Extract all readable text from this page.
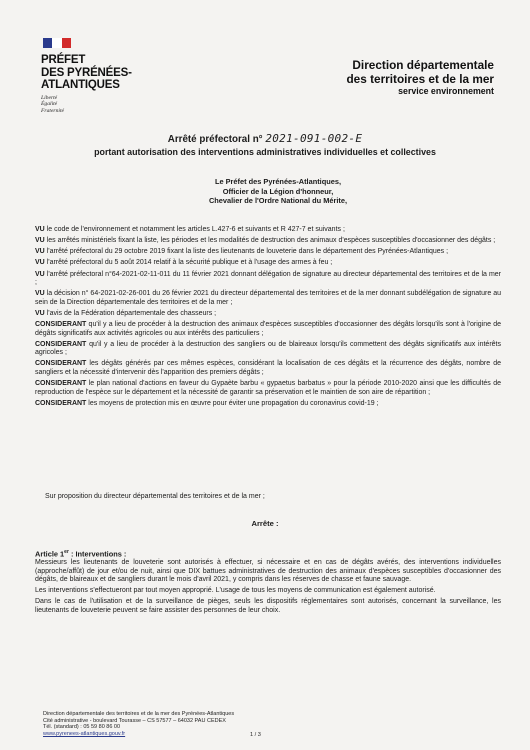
PRÉFET
DES PYRÉNÉES-
ATLANTIQUES
Liberté
Égalité
Fraternité
Direction départementale
des territoires et de la mer
service environnement
Arrêté préfectoral n° 2021-091-002-E
portant autorisation des interventions administratives individuelles et collectives
Le Préfet des Pyrénées-Atlantiques,
Officier de la Légion d'honneur,
Chevalier de l'Ordre National du Mérite,

VU le code de l'environnement et notamment les articles L.427-6 et suivants et R 427-7 et suivants ;

VU les arrêtés ministériels fixant la liste, les périodes et les modalités de destruction des animaux d'espèces susceptibles d'occasionner des dégâts ;

VU l'arrêté préfectoral du 29 octobre 2019 fixant la liste des lieutenants de louveterie dans le département des Pyrénées-Atlantiques ;

VU l'arrêté préfectoral du 5 août 2014 relatif à la sécurité publique et à l'usage des armes à feu ;

VU l'arrêté préfectoral n°64-2021-02-11-011 du 11 février 2021 donnant délégation de signature au directeur départemental des territoires et de la mer ;

VU la décision n° 64-2021-02-26-001 du 26 février 2021 du directeur départemental des territoires et de la mer donnant subdélégation de signature au sein de la Direction départementale des territoires et de la mer ;

VU l'avis de la Fédération départementale des chasseurs ;

CONSIDERANT qu'il y a lieu de procéder à la destruction des animaux d'espèces susceptibles d'occasionner des dégâts lorsqu'ils sont à l'origine de dégâts significatifs aux activités agricoles ou aux intérêts des particuliers ;

CONSIDERANT qu'il y a lieu de procéder à la destruction des sangliers ou de blaireaux lorsqu'ils commettent des dégâts significatifs aux intérêts agricoles ;

CONSIDERANT les dégâts générés par ces mêmes espèces, considérant la localisation de ces dégâts et la récurrence des dégâts, nombre de sangliers et la nécessité d'intervenir dès l'apparition des premiers dégâts ;

CONSIDERANT le plan national d'actions en faveur du Gypaète barbu « gypaetus barbatus » pour la période 2010-2020 ainsi que les difficultés de reproduction de l'espèce sur le département et la nécessité de garantir sa préservation et le maintien de son aire de répartition ;

CONSIDERANT les moyens de protection mis en œuvre pour éviter une propagation du coronavirus covid-19 ;

Sur proposition du directeur départemental des territoires et de la mer ;
Arrête :
Article 1er : Interventions :

Messieurs les lieutenants de louveterie sont autorisés à effectuer, si nécessaire et en cas de dégâts avérés, des interventions individuelles (approche/affût) de jour et/ou de nuit, ainsi que DIX battues administratives de destruction des animaux d'espèces susceptibles d'occasionner des dégâts, de blaireaux et de sangliers durant le mois d'avril 2021, y compris dans les réserves de chasse et faune sauvage.

Les interventions s'effectueront par tout moyen approprié. L'usage de tous les moyens de communication est également autorisé.

Dans le cas de l'utilisation et de la surveillance de pièges, seuls les dispositifs réglementaires sont autorisés, concernant la surveillance, les lieutenants de louveterie peuvent se faire assister des personnes de leur choix.

Direction départementale des territoires et de la mer des Pyrénées-Atlantiques
Cité administrative - boulevard Tourasse – CS 57577 – 64032 PAU CEDEX
Tél. (standard) : 05 59 80 86 00
www.pyrenees-atlantiques.gouv.fr	1 / 3
